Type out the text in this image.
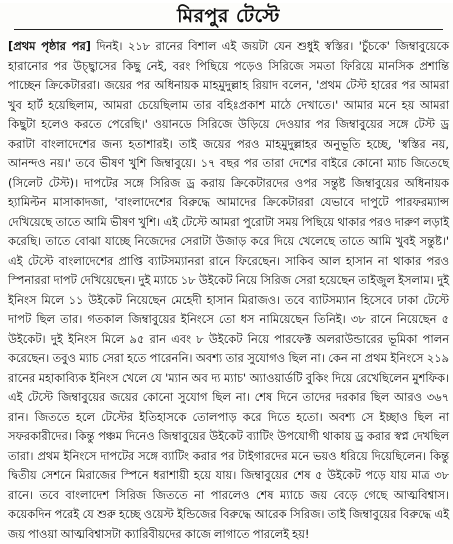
মিরপুর টেস্টে

[প্রথম পৃষ্ঠার পর] দিনই। ২১৮ রানের বিশাল এই জয়টা যেন শুধুই স্বস্তির। 'চুঁচকে' জিম্বাবুয়েকে হারানোর পর উচ্ছ্বাসের কিছু নেই, বরং পিছিয়ে পড়েও সিরিজে সমতা ফিরিয়ে মানসিক প্রশান্তি পাচ্ছেন ক্রিকেটাররা। জয়ের পর অধিনায়ক মাহমুদুল্লাহ রিয়াদ বলেন, 'প্রথম টেস্ট হারের পর আমরা খুব হার্ট হয়েছিলাম, আমরা চেয়েছিলাম তার বহিঃপ্রকাশ মাঠে দেখাতে।' আমার মনে হয় আমরা কিছুটা হলেও করতে পেরেছি।' ওয়ানডে সিরিজে উড়িয়ে দেওয়ার পর জিম্বাবুয়ের সঙ্গে টেস্ট ড্র করাটা বাংলাদেশের জন্য হতাশারই। তাই জয়ের পরও মাহমুদুল্লাহর অনুভূতি হচ্ছে, 'স্বস্তির নয়, আনন্দও নয়।' তবে ভীষণ খুশি জিম্বাবুয়ে। ১৭ বছর পর তারা দেশের বাইরে কোনো ম্যাচ জিতেছে (সিলেট টেস্ট)। দাপটের সঙ্গে সিরিজ ড্র করায় ক্রিকেটারদের ওপর সন্তুষ্ট জিম্বাবুয়ের অধিনায়ক হ্যামিল্টন মাসাকাদজা, 'বাংলাদেশের বিরুদ্ধে আমাদের ক্রিকেটাররা যেভাবে দাপুটে পারফরম্যান্স দেখিয়েছে তাতে আমি ভীষণ খুশি। এই টেস্টে আমরা পুরোটা সময় পিছিয়ে থাকার পরও দারুণ লড়াই করেছি। তাতে বোঝা যাচ্ছে নিজেদের সেরাটা উজাড় করে দিয়ে খেলেছে তাতে আমি খুবই সন্তুষ্ট।' এই টেস্টে বাংলাদেশের প্রাপ্তি ব্যাটসম্যানরা রানে ফিরেছেন। সাকিব আল হাসান না থাকার পরও স্পিনাররা দাপট দেখিয়েছেন। দুই ম্যাচে ১৮ উইকেট নিয়ে সিরিজ সেরা হয়েছেন তাইজুল ইসলাম। দুই ইনিংস মিলে ১১ উইকেট নিয়েছেন মেহেদী হাসান মিরাজও। তবে ব্যাটসম্যান হিসেবে ঢাকা টেস্টে দাপট ছিল তার। গতকাল জিম্বাবুয়ের ইনিংসে তো ধস নামিয়েছেন তিনিই। ৩৮ রানে নিয়েছেন ৫ উইকেট। দুই ইনিংস মিলে ৯৫ রান এবং ৮ উইকেট নিয়ে পারফেক্ট অলরাউন্ডারের ভূমিকা পালন করেছেন। তবুও ম্যাচ সেরা হতে পারেননি। অবশ্য তার সুযোগও ছিল না। কেন না প্রথম ইনিংসে ২১৯ রানের মহাকাব্যিক ইনিংস খেলে যে 'ম্যান অব দ্য ম্যাচ' অ্যাওয়ার্ডটি বুকিং দিয়ে রেখেছিলেন মুশফিক। এই টেস্টে জিম্বাবুয়ের জয়ের কোনো সুযোগ ছিল না। শেষ দিনে তাদের দরকার ছিল আরও ৩৬৭ রান। জিততে হলে টেস্টের ইতিহাসকে তোলপাড় করে দিতে হতো। অবশ্য সে ইচ্ছাও ছিল না সফরকারীদের। কিন্তু পঞ্চম দিনেও জিম্বাবুয়ের উইকেট ব্যাটিং উপযোগী থাকায় ড্র করার স্বপ্ন দেখছিল তারা। প্রথম ইনিংসে দাপটের সঙ্গে ব্যাটিং করার পর টাইগারদের মনে ভয়ও ধরিয়ে দিয়েছিলেন। কিন্তু দ্বিতীয় সেশনে মিরাজের স্পিনে ধরাশায়ী হয়ে যায়। জিম্বাবুয়ের শেষ ৫ উইকেট পড়ে যায় মাত্র ৩৮ রানে। তবে বাংলাদেশ সিরিজ জিততে না পারলেও শেষ ম্যাচে জয় বেড়ে গেছে আত্মবিশ্বাস। কয়েকদিন পরেই যে শুরু হচ্ছে ওয়েস্ট ইন্ডিজের বিরুদ্ধে আরেক সিরিজ। তাই জিম্বাবুয়ের বিরুদ্ধে এই জয় পাওয়া আত্মবিশ্বাসটা ক্যারিবীয়দের কাজে লাগাতে পারলেই হয়!
